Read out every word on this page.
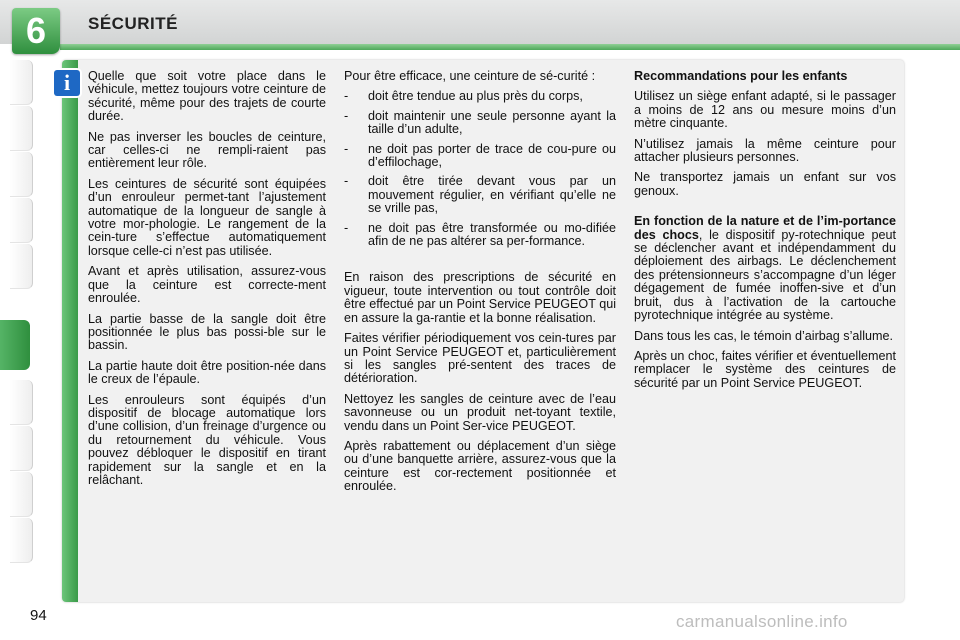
6	SÉCURITÉ
i	Quelle que soit votre place dans le véhicule, mettez toujours votre ceinture de sécurité, même pour des trajets de courte durée.

Ne pas inverser les boucles de ceinture, car celles-ci ne rempli-raient pas entièrement leur rôle.

Les ceintures de sécurité sont équipées d’un enrouleur permet-tant l’ajustement automatique de la longueur de sangle à votre mor-phologie. Le rangement de la cein-ture s’effectue automatiquement lorsque celle-ci n’est pas utilisée.

Avant et après utilisation, assurez-vous que la ceinture est correcte-ment enroulée.

La partie basse de la sangle doit être positionnée le plus bas possi-ble sur le bassin.

La partie haute doit être position-née dans le creux de l’épaule.

Les enrouleurs sont équipés d’un dispositif de blocage automatique lors d’une collision, d’un freinage d’urgence ou du retournement du véhicule. Vous pouvez débloquer le dispositif en tirant rapidement sur la sangle et en la relâchant.

Pour être efficace, une ceinture de sé-curité :

- doit être tendue au plus près du corps,
- doit maintenir une seule personne ayant la taille d’un adulte,
- ne doit pas porter de trace de cou-pure ou d’effilochage,
- doit être tirée devant vous par un mouvement régulier, en vérifiant qu’elle ne se vrille pas,
- ne doit pas être transformée ou mo-difiée afin de ne pas altérer sa per-formance.

En raison des prescriptions de sécurité en vigueur, toute intervention ou tout contrôle doit être effectué par un Point Service PEUGEOT qui en assure la ga-rantie et la bonne réalisation.

Faites vérifier périodiquement vos cein-tures par un Point Service PEUGEOT et, particulièrement si les sangles pré-sentent des traces de détérioration.

Nettoyez les sangles de ceinture avec de l’eau savonneuse ou un produit net-toyant textile, vendu dans un Point Ser-vice PEUGEOT.

Après rabattement ou déplacement d’un siège ou d’une banquette arrière, assurez-vous que la ceinture est cor-rectement positionnée et enroulée.

Recommandations pour les enfants

Utilisez un siège enfant adapté, si le passager a moins de 12 ans ou mesure moins d’un mètre cinquante.

N’utilisez jamais la même ceinture pour attacher plusieurs personnes.

Ne transportez jamais un enfant sur vos genoux.

En fonction de la nature et de l’im-portance des chocs, le dispositif py-rotechnique peut se déclencher avant et indépendamment du déploiement des airbags. Le déclenchement des prétensionneurs s’accompagne d’un léger dégagement de fumée inoffen-sive et d’un bruit, dus à l’activation de la cartouche pyrotechnique intégrée au système.

Dans tous les cas, le témoin d’airbag s’allume.

Après un choc, faites vérifier et éventuellement remplacer le système des ceintures de sécurité par un Point Service PEUGEOT.

94	carmanualsonline.info
